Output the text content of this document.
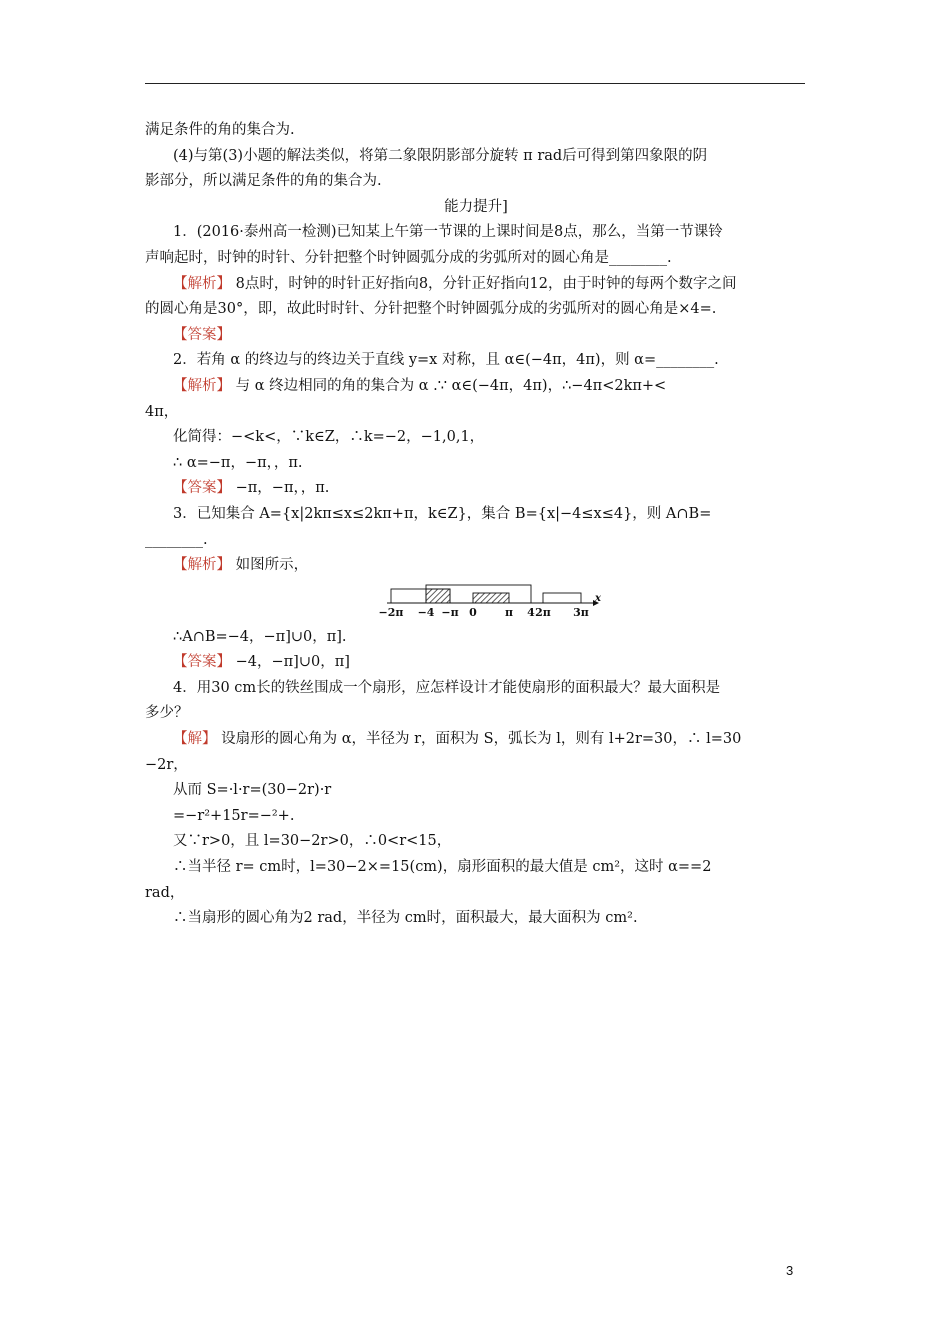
满足条件的角的集合为.
(4)与第(3)小题的解法类似，将第二象限阴影部分旋转 π rad后可得到第四象限的阴
影部分，所以满足条件的角的集合为.
能力提升]
1．(2016·泰州高一检测)已知某上午第一节课的上课时间是8点，那么，当第一节课铃
声响起时，时钟的时针、分针把整个时钟圆弧分成的劣弧所对的圆心角是________.
【解析】 8点时，时钟的时针正好指向8，分针正好指向12，由于时钟的每两个数字之间
的圆心角是30°，即，故此时时针、分针把整个时钟圆弧分成的劣弧所对的圆心角是×4=.
【答案】
2．若角 α 的终边与的终边关于直线 y=x 对称，且 α∈(−4π，4π)，则 α=________.
【解析】 与 α 终边相同的角的集合为 α .∵ α∈(−4π，4π)，∴−4π<2kπ+<
4π，
化简得：−<k<，∵k∈Z，∴k=−2，−1,0,1，
∴ α=−π，−π，，π.
【答案】 −π，−π，，π.
3．已知集合 A={x|2kπ≤x≤2kπ+π，k∈Z}，集合 B={x|−4≤x≤4}，则 A∩B=
________.
【解析】 如图所示，
−2π −4 −π 0	π 4 2π 3π
x
∴A∩B=−4，−π]∪0，π].
【答案】 −4，−π]∪0，π]
4．用30 cm长的铁丝围成一个扇形，应怎样设计才能使扇形的面积最大？最大面积是
多少？
【解】 设扇形的圆心角为 α，半径为 r，面积为 S，弧长为 l，则有 l+2r=30，∴ l=30
−2r，
从而 S=·l·r=(30−2r)·r
=−r²+15r=−²+.
又∵r>0，且 l=30−2r>0，∴0<r<15，
∴当半径 r= cm时，l=30−2×=15(cm)，扇形面积的最大值是 cm²，这时 α==2
rad，
∴当扇形的圆心角为2 rad，半径为 cm时，面积最大，最大面积为 cm².
3
